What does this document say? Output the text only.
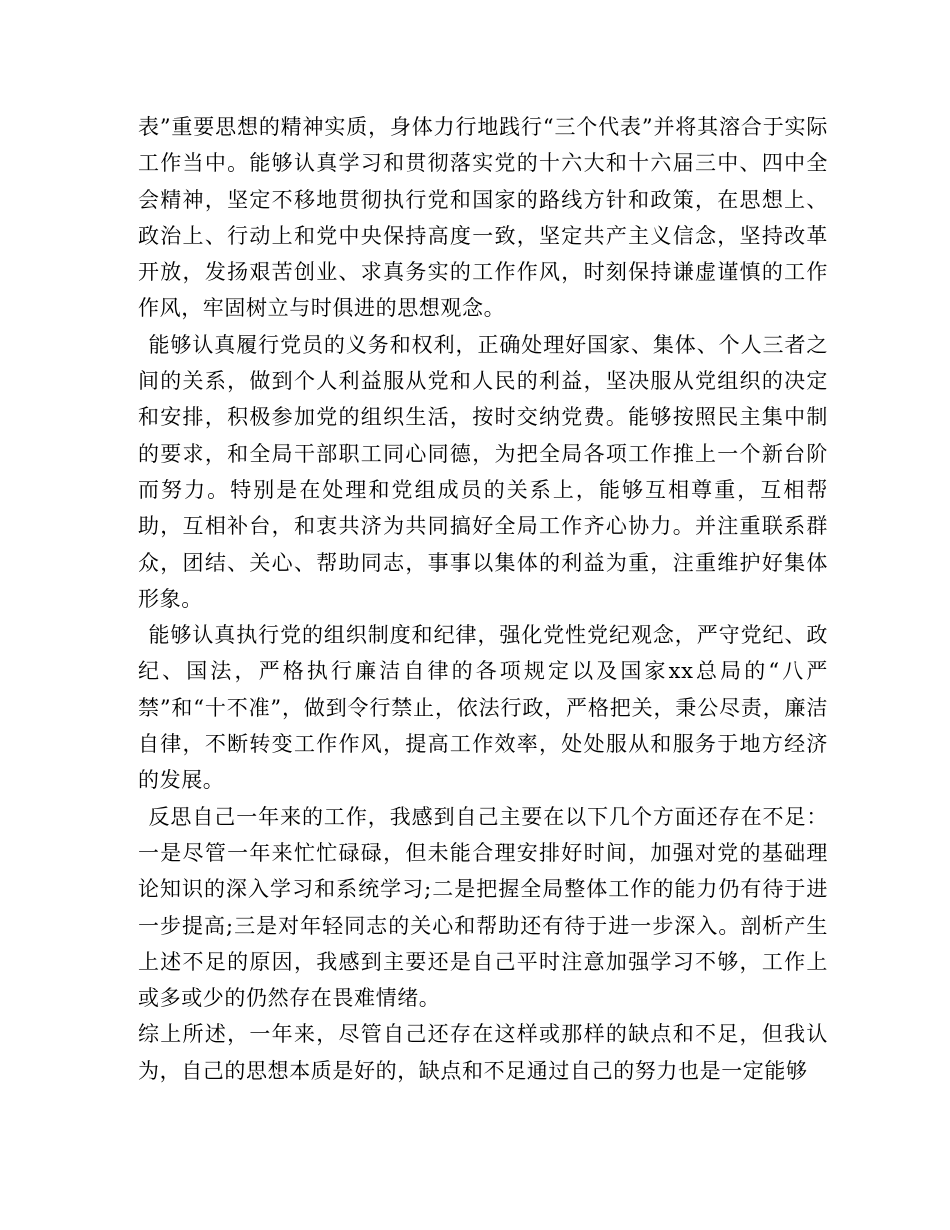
表”重要思想的精神实质，身体力行地践行“三个代表”并将其溶合于实际工作当中。能够认真学习和贯彻落实党的十六大和十六届三中、四中全会精神，坚定不移地贯彻执行党和国家的路线方针和政策，在思想上、政治上、行动上和党中央保持高度一致，坚定共产主义信念，坚持改革开放，发扬艰苦创业、求真务实的工作作风，时刻保持谦虚谨慎的工作作风，牢固树立与时俱进的思想观念。

能够认真履行党员的义务和权利，正确处理好国家、集体、个人三者之间的关系，做到个人利益服从党和人民的利益，坚决服从党组织的决定和安排，积极参加党的组织生活，按时交纳党费。能够按照民主集中制的要求，和全局干部职工同心同德，为把全局各项工作推上一个新台阶而努力。特别是在处理和党组成员的关系上，能够互相尊重，互相帮助，互相补台，和衷共济为共同搞好全局工作齐心协力。并注重联系群众，团结、关心、帮助同志，事事以集体的利益为重，注重维护好集体形象。

能够认真执行党的组织制度和纪律，强化党性党纪观念，严守党纪、政纪、国法，严格执行廉洁自律的各项规定以及国家xx总局的“八严禁”和“十不准”，做到令行禁止，依法行政，严格把关，秉公尽责，廉洁自律，不断转变工作作风，提高工作效率，处处服从和服务于地方经济的发展。

反思自己一年来的工作，我感到自己主要在以下几个方面还存在不足：一是尽管一年来忙忙碌碌，但未能合理安排好时间，加强对党的基础理论知识的深入学习和系统学习;二是把握全局整体工作的能力仍有待于进一步提高;三是对年轻同志的关心和帮助还有待于进一步深入。剖析产生上述不足的原因，我感到主要还是自己平时注意加强学习不够，工作上或多或少的仍然存在畏难情绪。

综上所述，一年来，尽管自己还存在这样或那样的缺点和不足，但我认为，自己的思想本质是好的，缺点和不足通过自己的努力也是一定能够
